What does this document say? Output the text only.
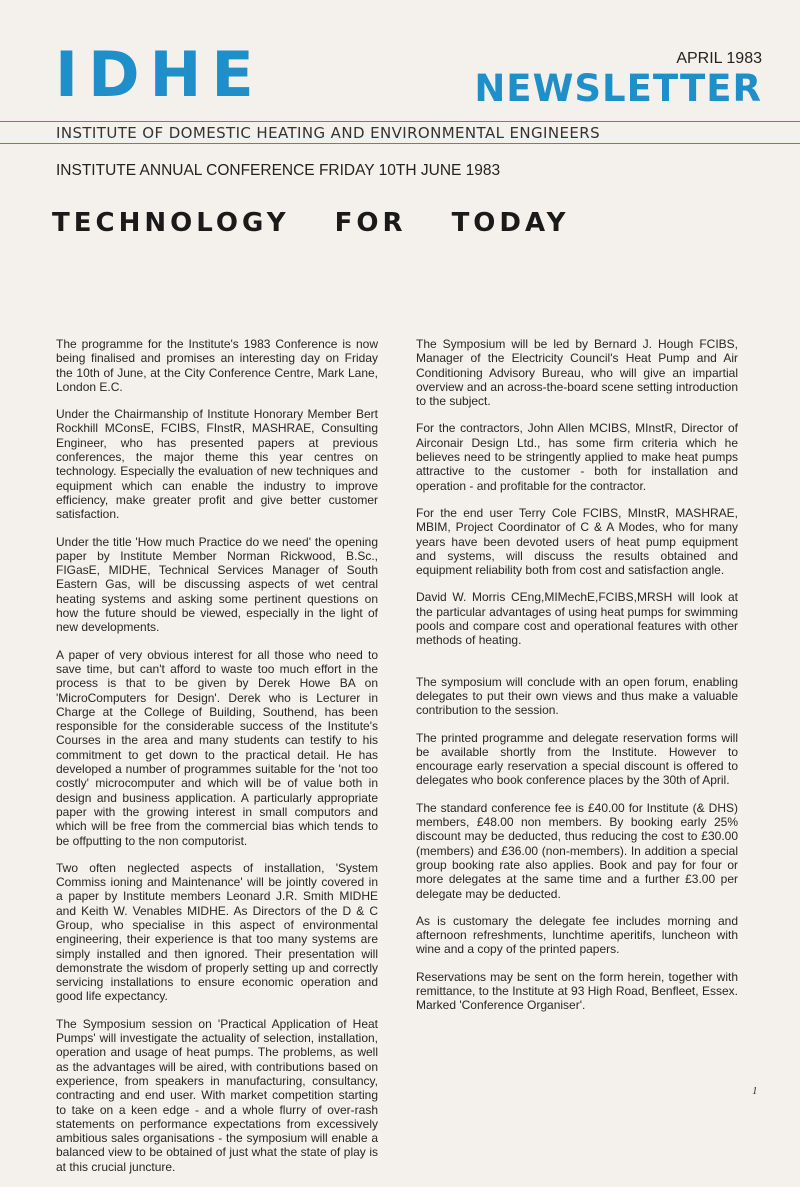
IDHE	APRIL 1983
NEWSLETTER
INSTITUTE OF DOMESTIC HEATING AND ENVIRONMENTAL ENGINEERS
INSTITUTE ANNUAL CONFERENCE FRIDAY 10TH JUNE 1983
TECHNOLOGY FOR TODAY

The programme for the Institute's 1983 Conference is now being finalised and promises an interesting day on Friday the 10th of June, at the City Conference Centre, Mark Lane, London E.C.

Under the Chairmanship of Institute Honorary Member Bert Rockhill MConsE, FCIBS, FInstR, MASHRAE, Consulting Engineer, who has presented papers at previous conferences, the major theme this year centres on technology. Especially the evaluation of new techniques and equipment which can enable the industry to improve efficiency, make greater profit and give better customer satisfaction.

Under the title 'How much Practice do we need' the opening paper by Institute Member Norman Rickwood, B.Sc., FIGasE, MIDHE, Technical Services Manager of South Eastern Gas, will be discussing aspects of wet central heating systems and asking some pertinent questions on how the future should be viewed, especially in the light of new developments.

A paper of very obvious interest for all those who need to save time, but can't afford to waste too much effort in the process is that to be given by Derek Howe BA on 'MicroComputers for Design'. Derek who is Lecturer in Charge at the College of Building, Southend, has been responsible for the considerable success of the Institute's Courses in the area and many students can testify to his commitment to get down to the practical detail. He has developed a number of programmes suitable for the 'not too costly' microcomputer and which will be of value both in design and business application. A particularly appropriate paper with the growing interest in small computors and which will be free from the commercial bias which tends to be offputting to the non computorist.

Two often neglected aspects of installation, 'System Commiss ioning and Maintenance' will be jointly covered in a paper by Institute members Leonard J.R. Smith MIDHE and Keith W. Venables MIDHE. As Directors of the D & C Group, who specialise in this aspect of environmental engineering, their experience is that too many systems are simply installed and then ignored. Their presentation will demonstrate the wisdom of properly setting up and correctly servicing installations to ensure economic operation and good life expectancy.

The Symposium session on 'Practical Application of Heat Pumps' will investigate the actuality of selection, installation, operation and usage of heat pumps. The problems, as well as the advantages will be aired, with contributions based on experience, from speakers in manufacturing, consultancy, contracting and end user. With market competition starting to take on a keen edge - and a whole flurry of over-rash statements on performance expectations from excessively ambitious sales organisations - the symposium will enable a balanced view to be obtained of just what the state of play is at this crucial juncture.

The Symposium will be led by Bernard J. Hough FCIBS, Manager of the Electricity Council's Heat Pump and Air Conditioning Advisory Bureau, who will give an impartial overview and an across-the-board scene setting introduction to the subject.

For the contractors, John Allen MCIBS, MInstR, Director of Airconair Design Ltd., has some firm criteria which he believes need to be stringently applied to make heat pumps attractive to the customer - both for installation and operation - and profitable for the contractor.

For the end user Terry Cole FCIBS, MInstR, MASHRAE, MBIM, Project Coordinator of C & A Modes, who for many years have been devoted users of heat pump equipment and systems, will discuss the results obtained and equipment reliability both from cost and satisfaction angle.

David W. Morris CEng,MIMechE,FCIBS,MRSH will look at the particular advantages of using heat pumps for swimming pools and compare cost and operational features with other methods of heating.

The symposium will conclude with an open forum, enabling delegates to put their own views and thus make a valuable contribution to the session.

The printed programme and delegate reservation forms will be available shortly from the Institute. However to encourage early reservation a special discount is offered to delegates who book conference places by the 30th of April.

The standard conference fee is £40.00 for Institute (& DHS) members, £48.00 non members. By booking early 25% discount may be deducted, thus reducing the cost to £30.00 (members) and £36.00 (non-members). In addition a special group booking rate also applies. Book and pay for four or more delegates at the same time and a further £3.00 per delegate may be deducted.

As is customary the delegate fee includes morning and afternoon refreshments, lunchtime aperitifs, luncheon with wine and a copy of the printed papers.

Reservations may be sent on the form herein, together with remittance, to the Institute at 93 High Road, Benfleet, Essex. Marked 'Conference Organiser'.

1
